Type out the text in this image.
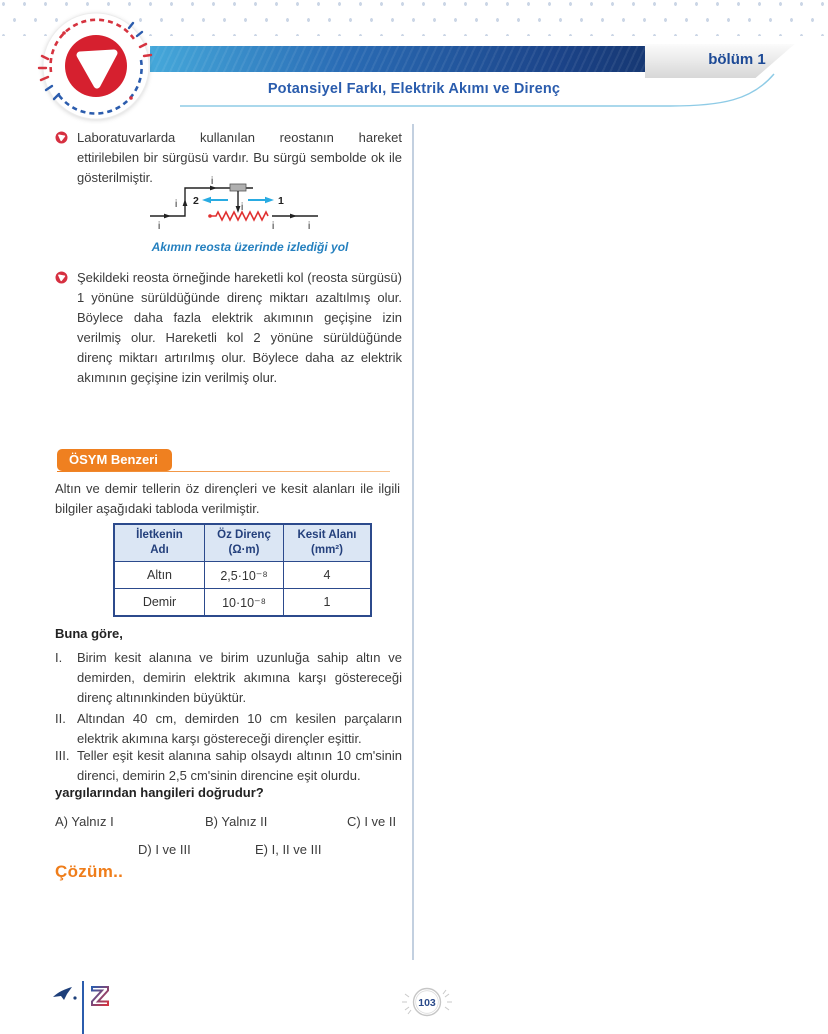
bölüm 1
Potansiyel Farkı, Elektrik Akımı ve Direnç
Laboratuvarlarda kullanılan reostanın hareket ettirilebilen bir sürgüsü vardır. Bu sürgü sembolde ok ile gösterilmiştir.
i
i
i
i
i	i
2	1
Akımın reosta üzerinde izlediği yol
Şekildeki reosta örneğinde hareketli kol (reosta sürgüsü) 1 yönüne sürüldüğünde direnç miktarı azaltılmış olur. Böylece daha fazla elektrik akımının geçişine izin verilmiş olur. Hareketli kol 2 yönüne sürüldüğünde direnç miktarı artırılmış olur. Böylece daha az elektrik akımının geçişine izin verilmiş olur.
ÖSYM Benzeri
Altın ve demir tellerin öz dirençleri ve kesit alanları ile ilgili bilgiler aşağıdaki tabloda verilmiştir.
İletkenin
Adı

Öz Direnç
(Ω·m)

Kesit Alanı
(mm²)

Altın	2,5·10⁻⁸	4
Demir	10·10⁻⁸	1
Buna göre,
I.	Birim kesit alanına ve birim uzunluğa sahip altın ve demirden, demirin elektrik akımına karşı göstereceği direnç altınınkinden büyüktür.
II. Altından 40 cm, demirden 10 cm kesilen parçaların elektrik akımına karşı göstereceği dirençler eşittir.
III. Teller eşit kesit alanına sahip olsaydı altının 10 cm'sinin direnci, demirin 2,5 cm'sinin direncine eşit olurdu.
yargılarından hangileri doğrudur?
A) Yalnız I	B) Yalnız II	C) I ve II
D) I ve III	E) I, II ve III
Çözüm..
103
